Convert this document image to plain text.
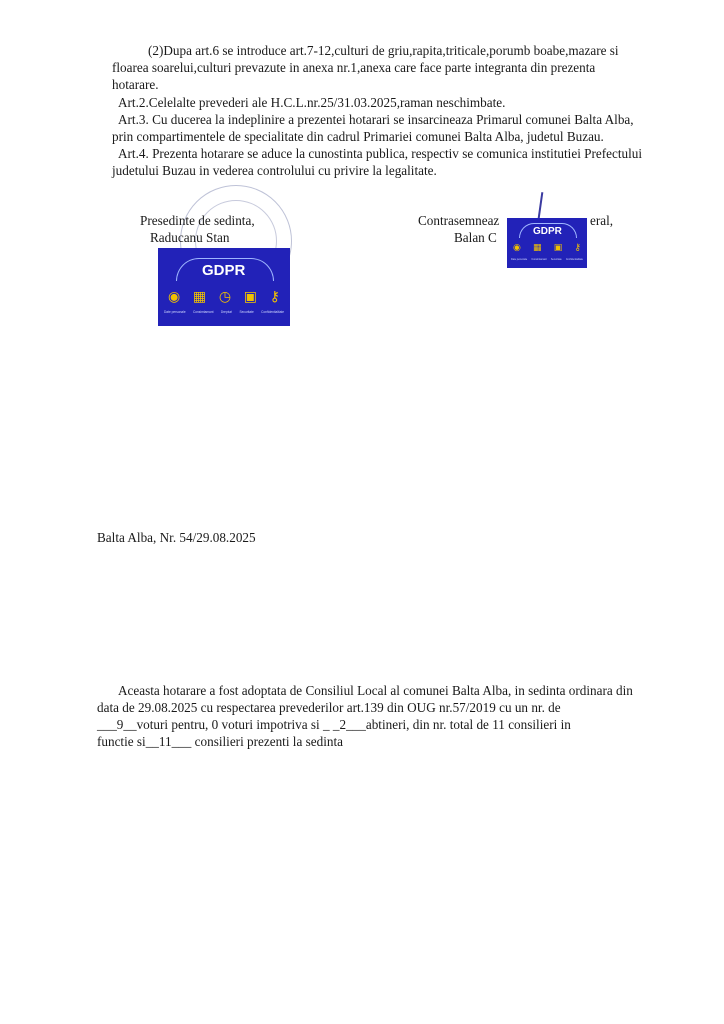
(2)Dupa art.6 se introduce art.7-12,culturi de griu,rapita,triticale,porumb boabe,mazare si
floarea soarelui,culturi prevazute in anexa nr.1,anexa care face parte integranta din prezenta
hotarare.
Art.2.Celelalte prevederi ale H.C.L.nr.25/31.03.2025,raman neschimbate.
Art.3. Cu ducerea la indeplinire a prezentei hotarari se insarcineaza Primarul comunei Balta Alba,
prin compartimentele de specialitate din cadrul Primariei comunei Balta Alba, judetul Buzau.
Art.4. Prezenta hotarare se aduce la cunostinta publica, respectiv se comunica institutiei Prefectului
judetului Buzau in vederea controlului cu privire la legalitate.
Presedinte de sedinta,
Raducanu Stan
Contrasemneaz	eral,
Balan C
GDPR
◉ ▦ ◷ ▣ ⚷
Date personale Consimtamant Drepturi Securitate Confidentialitate
GDPR
◉ ▦ ▣ ⚷
Date personale Consimtamant Securitate Confidentialitate
Balta Alba, Nr. 54/29.08.2025
Aceasta hotarare a fost adoptata de Consiliul Local al comunei Balta Alba, in sedinta ordinara din
data de 29.08.2025 cu respectarea prevederilor art.139 din OUG nr.57/2019 cu un nr. de
___9__voturi pentru, 0 voturi impotriva si _ _2___abtineri, din nr. total de 11 consilieri in
functie si__11___ consilieri prezenti la sedinta
